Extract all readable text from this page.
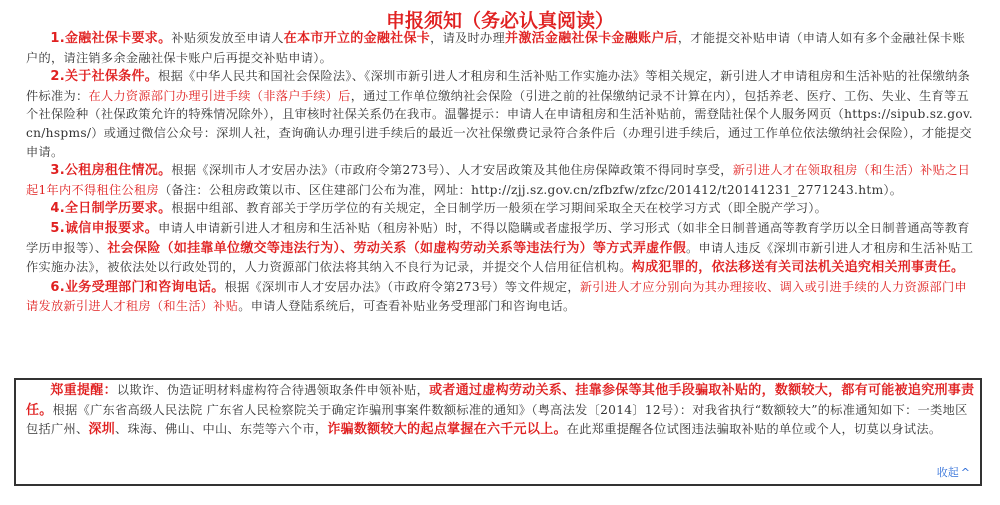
申报须知（务必认真阅读）

1.金融社保卡要求。补贴须发放至申请人在本市开立的金融社保卡，请及时办理并激活金融社保卡金融账户后，才能提交补贴申请（申请人如有多个金融社保卡账户的，请注销多余金融社保卡账户后再提交补贴申请）。

2.关于社保条件。根据《中华人民共和国社会保险法》、《深圳市新引进人才租房和生活补贴工作实施办法》等相关规定，新引进人才申请租房和生活补贴的社保缴纳条件标准为：在人力资源部门办理引进手续（非落户手续）后，通过工作单位缴纳社会保险（引进之前的社保缴纳记录不计算在内），包括养老、医疗、工伤、失业、生育等五个社保险种（社保政策允许的特殊情况除外），且审核时社保关系仍在我市。温馨提示：申请人在申请租房和生活补贴前，需登陆社保个人服务网页（https://sipub.sz.gov.cn/hspms/）或通过微信公众号：深圳人社，查询确认办理引进手续后的最近一次社保缴费记录符合条件后（办理引进手续后，通过工作单位依法缴纳社会保险），才能提交申请。

3.公租房租住情况。根据《深圳市人才安居办法》（市政府令第273号）、人才安居政策及其他住房保障政策不得同时享受，新引进人才在领取租房（和生活）补贴之日起1年内不得租住公租房（备注：公租房政策以市、区住建部门公布为准，网址：http://zjj.sz.gov.cn/zfbzfw/zfzc/201412/t20141231_2771243.htm）。

4.全日制学历要求。根据中组部、教育部关于学历学位的有关规定，全日制学历一般须在学习期间采取全天在校学习方式（即全脱产学习）。

5.诚信申报要求。申请人申请新引进人才租房和生活补贴（租房补贴）时，不得以隐瞒或者虚报学历、学习形式（如非全日制普通高等教育学历以全日制普通高等教育学历申报等）、社会保险（如挂靠单位缴交等违法行为）、劳动关系（如虚构劳动关系等违法行为）等方式弄虚作假。申请人违反《深圳市新引进人才租房和生活补贴工作实施办法》，被依法处以行政处罚的，人力资源部门依法将其纳入不良行为记录，并提交个人信用征信机构。构成犯罪的，依法移送有关司法机关追究相关刑事责任。

6.业务受理部门和咨询电话。根据《深圳市人才安居办法》（市政府令第273号）等文件规定，新引进人才应分别向为其办理接收、调入或引进手续的人力资源部门申请发放新引进人才租房（和生活）补贴。申请人登陆系统后，可查看补贴业务受理部门和咨询电话。

郑重提醒：以欺诈、伪造证明材料虚构符合待遇领取条件申领补贴，或者通过虚构劳动关系、挂靠参保等其他手段骗取补贴的，数额较大，都有可能被追究刑事责任。根据《广东省高级人民法院 广东省人民检察院关于确定诈骗刑事案件数额标准的通知》（粤高法发〔2014〕12号）：对我省执行“数额较大”的标准通知如下：一类地区包括广州、深圳、珠海、佛山、中山、东莞等六个市，诈骗数额较大的起点掌握在六千元以上。在此郑重提醒各位试图违法骗取补贴的单位或个人，切莫以身试法。

收起 ^
